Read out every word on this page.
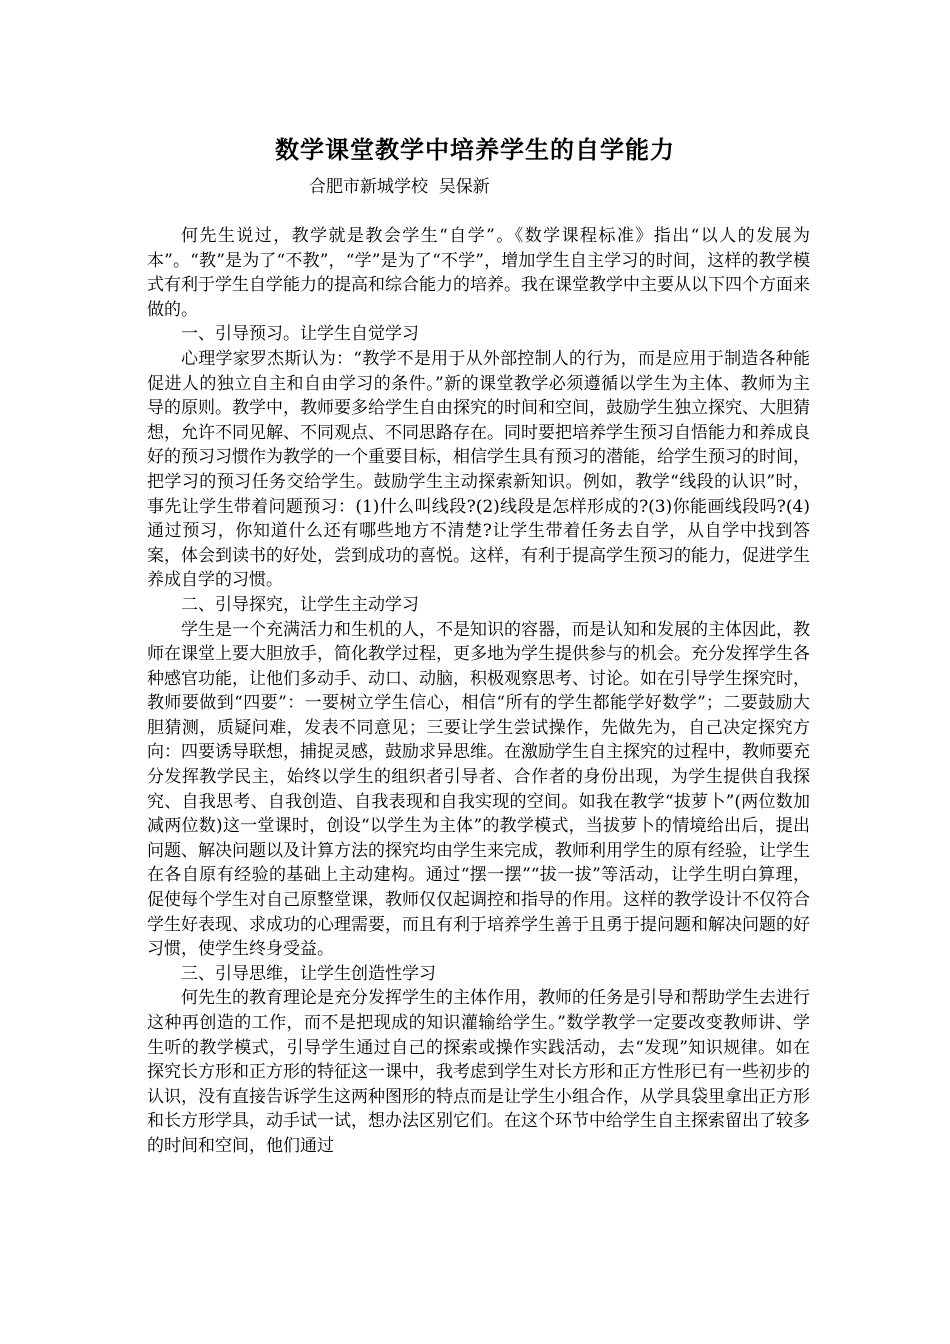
数学课堂教学中培养学生的自学能力
合肥市新城学校  吴保新

何先生说过，教学就是教会学生“自学”。《数学课程标准》指出“以人的发展为本”。“教”是为了“不教”，“学”是为了“不学”，增加学生自主学习的时间，这样的教学模式有利于学生自学能力的提高和综合能力的培养。我在课堂教学中主要从以下四个方面来做的。

一、引导预习。让学生自觉学习

心理学家罗杰斯认为：“教学不是用于从外部控制人的行为，而是应用于制造各种能促进人的独立自主和自由学习的条件。”新的课堂教学必须遵循以学生为主体、教师为主导的原则。教学中，教师要多给学生自由探究的时间和空间，鼓励学生独立探究、大胆猜想，允许不同见解、不同观点、不同思路存在。同时要把培养学生预习自悟能力和养成良好的预习习惯作为教学的一个重要目标，相信学生具有预习的潜能，给学生预习的时间，把学习的预习任务交给学生。鼓励学生主动探索新知识。例如，教学“线段的认识”时，事先让学生带着问题预习：(1)什么叫线段?(2)线段是怎样形成的?(3)你能画线段吗?(4)通过预习，你知道什么还有哪些地方不清楚?让学生带着任务去自学，从自学中找到答案，体会到读书的好处，尝到成功的喜悦。这样，有利于提高学生预习的能力，促进学生养成自学的习惯。

二、引导探究，让学生主动学习

学生是一个充满活力和生机的人，不是知识的容器，而是认知和发展的主体因此，教师在课堂上要大胆放手，简化教学过程，更多地为学生提供参与的机会。充分发挥学生各种感官功能，让他们多动手、动口、动脑，积极观察思考、讨论。如在引导学生探究时，教师要做到“四要”：一要树立学生信心，相信“所有的学生都能学好数学”；二要鼓励大胆猜测，质疑问难，发表不同意见；三要让学生尝试操作，先做先为，自己决定探究方向：四要诱导联想，捕捉灵感，鼓励求异思维。在激励学生自主探究的过程中，教师要充分发挥教学民主，始终以学生的组织者引导者、合作者的身份出现，为学生提供自我探究、自我思考、自我创造、自我表现和自我实现的空间。如我在教学“拔萝卜”(两位数加减两位数)这一堂课时，创设“以学生为主体”的教学模式，当拔萝卜的情境给出后，提出问题、解决问题以及计算方法的探究均由学生来完成，教师利用学生的原有经验，让学生在各自原有经验的基础上主动建构。通过“摆一摆”“拔一拔”等活动，让学生明白算理，促使每个学生对自己原整堂课，教师仅仅起调控和指导的作用。这样的教学设计不仅符合学生好表现、求成功的心理需要，而且有利于培养学生善于且勇于提问题和解决问题的好习惯，使学生终身受益。

三、引导思维，让学生创造性学习

何先生的教育理论是充分发挥学生的主体作用，教师的任务是引导和帮助学生去进行这种再创造的工作，而不是把现成的知识灌输给学生。”数学教学一定要改变教师讲、学生听的教学模式，引导学生通过自己的探索或操作实践活动，去“发现”知识规律。如在探究长方形和正方形的特征这一课中，我考虑到学生对长方形和正方性形已有一些初步的认识，没有直接告诉学生这两种图形的特点而是让学生小组合作，从学具袋里拿出正方形和长方形学具，动手试一试，想办法区别它们。在这个环节中给学生自主探索留出了较多的时间和空间，他们通过
